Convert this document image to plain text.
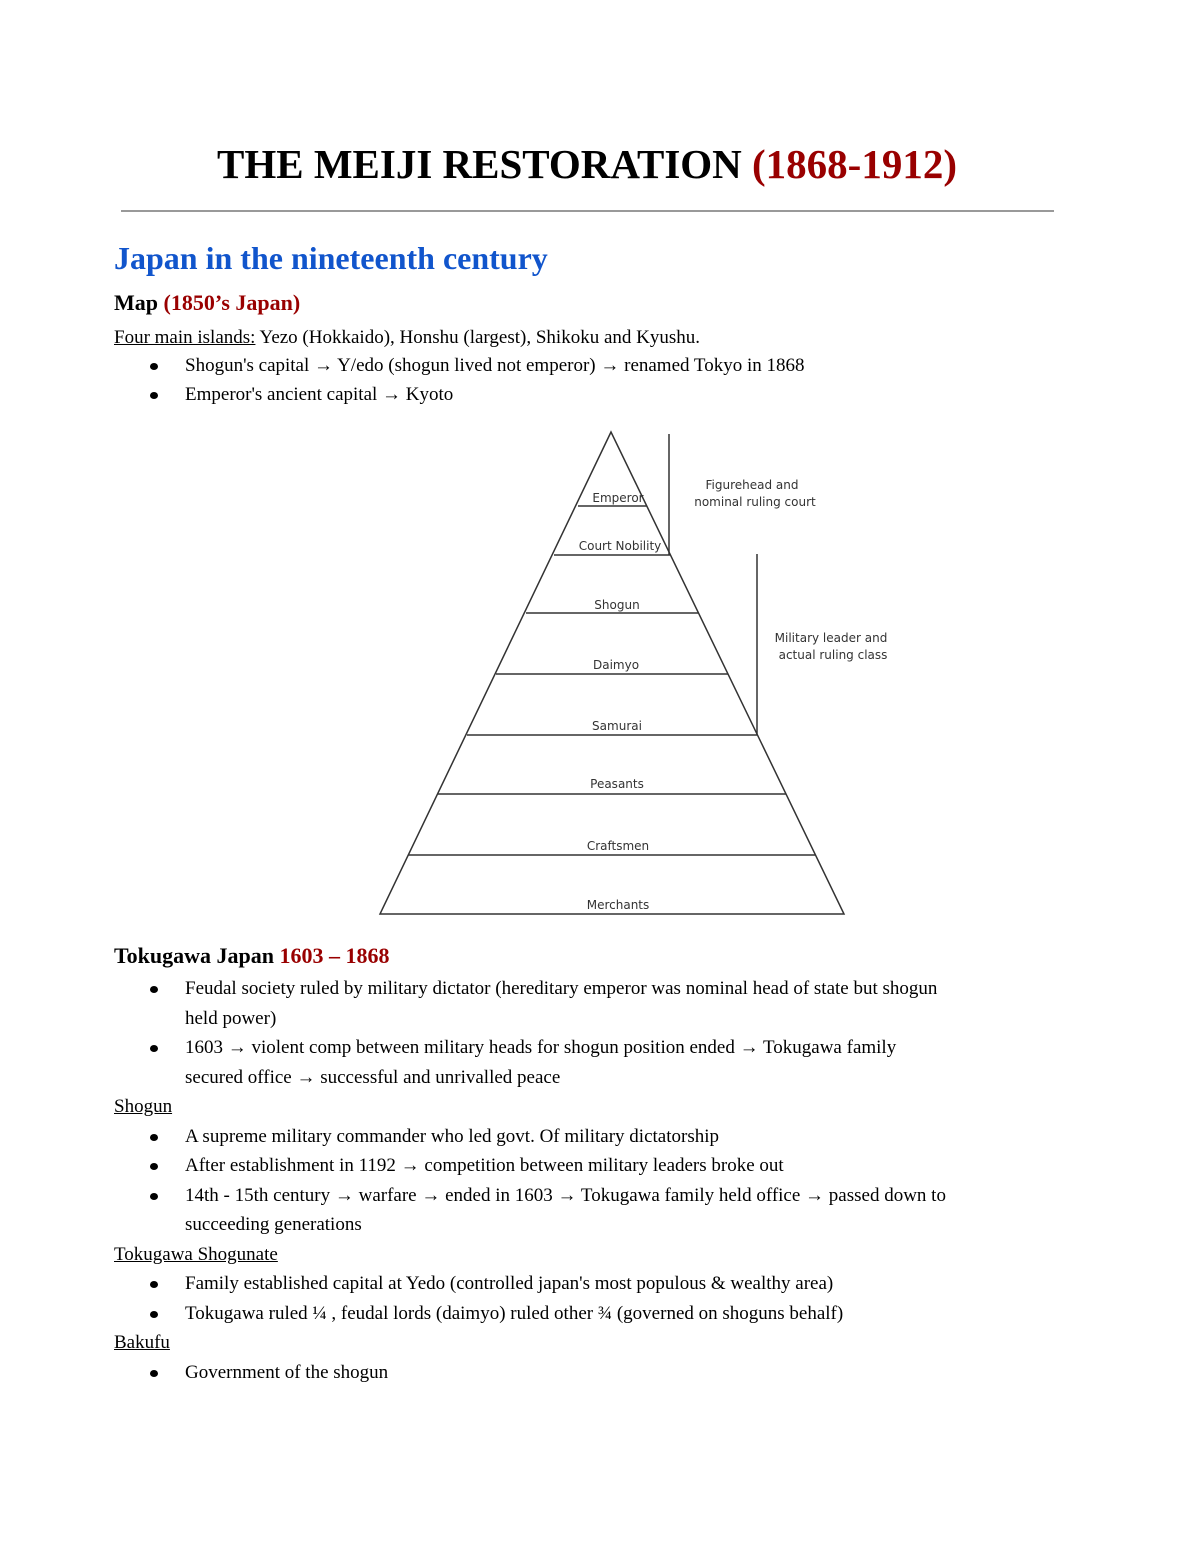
THE MEIJI RESTORATION (1868-1912)
Japan in the nineteenth century
Map (1850’s Japan)
Four main islands: Yezo (Hokkaido), Honshu (largest), Shikoku and Kyushu.
Shogun's capital → Y/edo (shogun lived not emperor) → renamed Tokyo in 1868
Emperor's ancient capital → Kyoto
Emperor
Court Nobility
Shogun
Daimyo
Samurai
Peasants
Craftsmen
Merchants
Figurehead and
nominal ruling court
Military leader and
actual ruling class
Tokugawa Japan 1603 – 1868
Feudal society ruled by military dictator (hereditary emperor was nominal head of state but shogun
held power)
1603 → violent comp between military heads for shogun position ended → Tokugawa family
secured office → successful and unrivalled peace
Shogun
A supreme military commander who led govt. Of military dictatorship
After establishment in 1192 → competition between military leaders broke out
14th - 15th century → warfare → ended in 1603 → Tokugawa family held office → passed down to
succeeding generations
Tokugawa Shogunate
Family established capital at Yedo (controlled japan's most populous & wealthy area)
Tokugawa ruled ¼ , feudal lords (daimyo) ruled other ¾ (governed on shoguns behalf)
Bakufu
Government of the shogun
